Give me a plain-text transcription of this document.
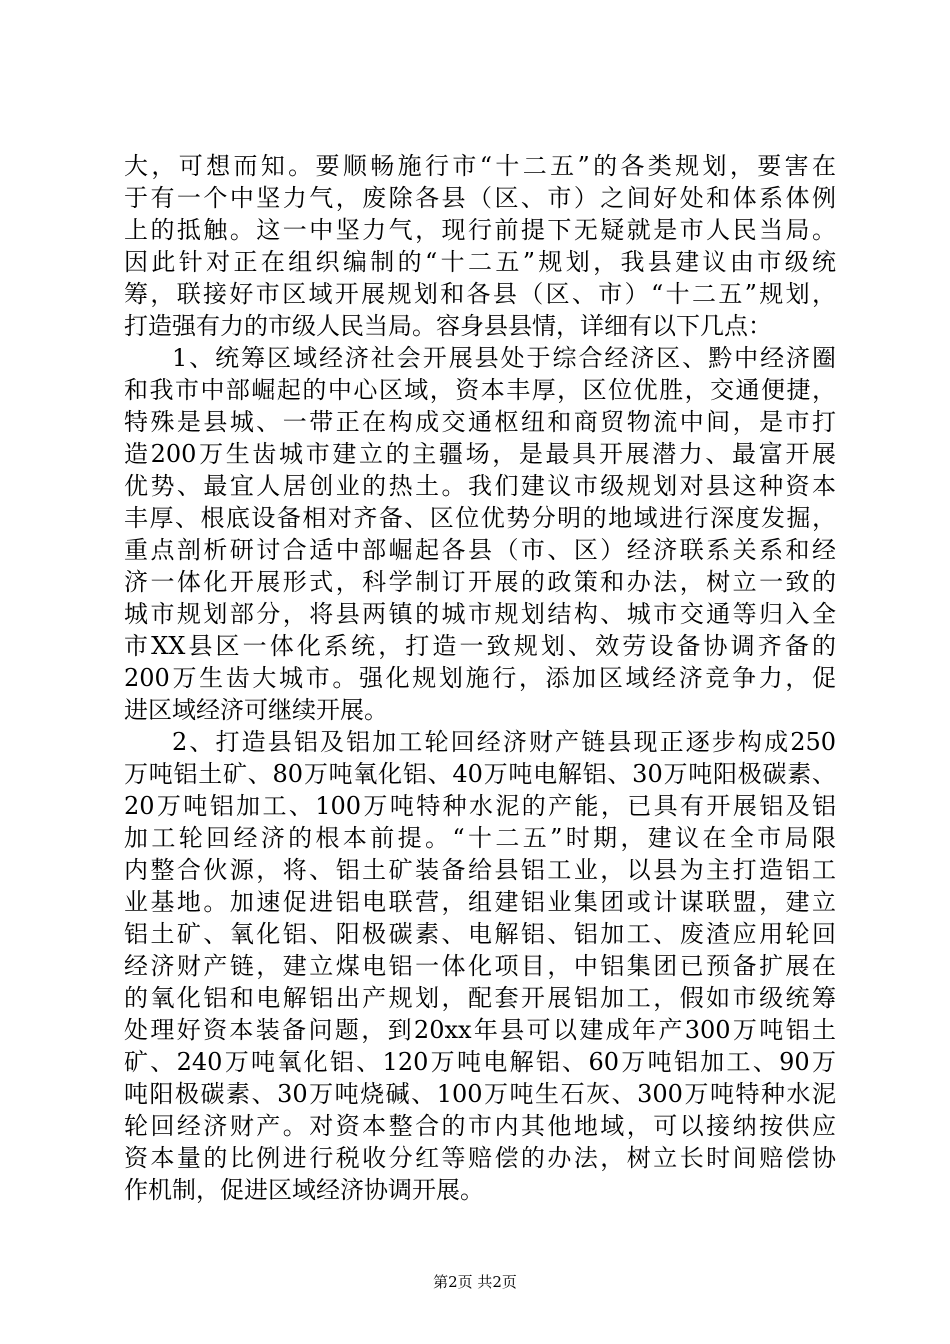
大，可想而知。要顺畅施行市“十二五”的各类规划，要害在
于有一个中坚力气，废除各县（区、市）之间好处和体系体例
上的抵触。这一中坚力气，现行前提下无疑就是市人民当局。
因此针对正在组织编制的“十二五”规划，我县建议由市级统
筹，联接好市区域开展规划和各县（区、市）“十二五”规划，
打造强有力的市级人民当局。容身县县情，详细有以下几点：
1、统筹区域经济社会开展县处于综合经济区、黔中经济圈
和我市中部崛起的中心区域，资本丰厚，区位优胜，交通便捷，
特殊是县城、一带正在构成交通枢纽和商贸物流中间，是市打
造200万生齿城市建立的主疆场，是最具开展潜力、最富开展
优势、最宜人居创业的热土。我们建议市级规划对县这种资本
丰厚、根底设备相对齐备、区位优势分明的地域进行深度发掘，
重点剖析研讨合适中部崛起各县（市、区）经济联系关系和经
济一体化开展形式，科学制订开展的政策和办法，树立一致的
城市规划部分，将县两镇的城市规划结构、城市交通等归入全
市XX县区一体化系统，打造一致规划、效劳设备协调齐备的
200万生齿大城市。强化规划施行，添加区域经济竞争力，促
进区域经济可继续开展。
2、打造县铝及铝加工轮回经济财产链县现正逐步构成250
万吨铝土矿、80万吨氧化铝、40万吨电解铝、30万吨阳极碳素、
20万吨铝加工、100万吨特种水泥的产能，已具有开展铝及铝
加工轮回经济的根本前提。“十二五”时期，建议在全市局限
内整合伙源，将、铝土矿装备给县铝工业，以县为主打造铝工
业基地。加速促进铝电联营，组建铝业集团或计谋联盟，建立
铝土矿、氧化铝、阳极碳素、电解铝、铝加工、废渣应用轮回
经济财产链，建立煤电铝一体化项目，中铝集团已预备扩展在
的氧化铝和电解铝出产规划，配套开展铝加工，假如市级统筹
处理好资本装备问题，到20xx年县可以建成年产300万吨铝土
矿、240万吨氧化铝、120万吨电解铝、60万吨铝加工、90万
吨阳极碳素、30万吨烧碱、100万吨生石灰、300万吨特种水泥
轮回经济财产。对资本整合的市内其他地域，可以接纳按供应
资本量的比例进行税收分红等赔偿的办法，树立长时间赔偿协
作机制，促进区域经济协调开展。
第2页 共2页
